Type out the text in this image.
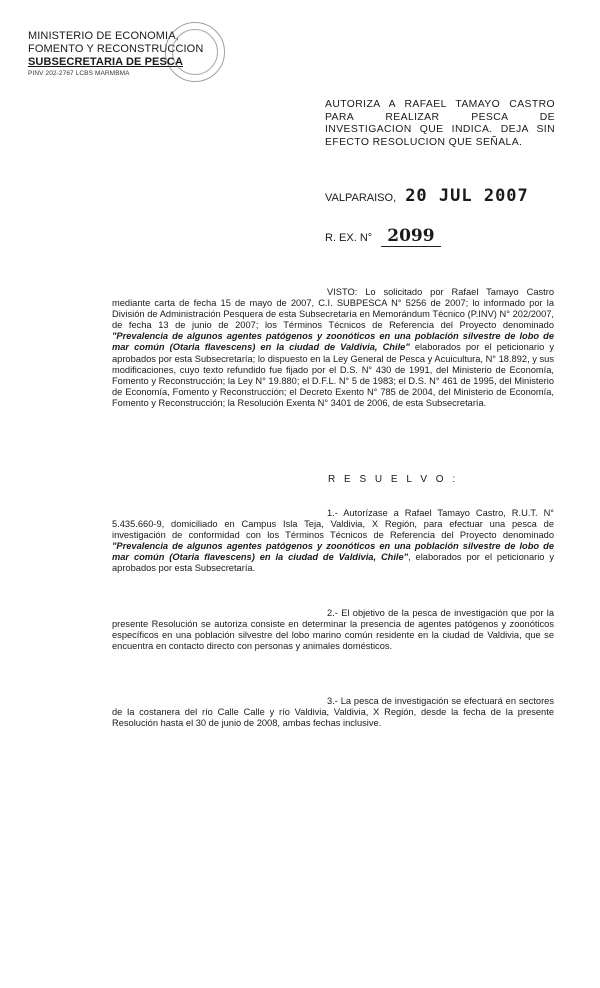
MINISTERIO DE ECONOMIA,
FOMENTO Y RECONSTRUCCION
SUBSECRETARIA DE PESCA
PINV 202-2767 LCBS MARMBMA
AUTORIZA A RAFAEL TAMAYO CASTRO PARA REALIZAR PESCA DE INVESTIGACION QUE INDICA. DEJA SIN EFECTO RESOLUCION QUE SEÑALA.
VALPARAISO, 20 JUL 2007
R. EX. N° 2099
VISTO: Lo solicitado por Rafael Tamayo Castro mediante carta de fecha 15 de mayo de 2007, C.I. SUBPESCA N° 5256 de 2007; lo informado por la División de Administración Pesquera de esta Subsecretaría en Memorándum Técnico (P.INV) N° 202/2007, de fecha 13 de junio de 2007; los Términos Técnicos de Referencia del Proyecto denominado "Prevalencia de algunos agentes patógenos y zoonóticos en una población silvestre de lobo de mar común (Otaria flavescens) en la ciudad de Valdivia, Chile" elaborados por el peticionario y aprobados por esta Subsecretaría; lo dispuesto en la Ley General de Pesca y Acuicultura, N° 18.892, y sus modificaciones, cuyo texto refundido fue fijado por el D.S. N° 430 de 1991, del Ministerio de Economía, Fomento y Reconstrucción; la Ley N° 19.880; el D.F.L. N° 5 de 1983; el D.S. N° 461 de 1995, del Ministerio de Economía, Fomento y Reconstrucción; el Decreto Exento N° 785 de 2004, del Ministerio de Economía, Fomento y Reconstrucción; la Resolución Exenta N° 3401 de 2006, de esta Subsecretaría.
R E S U E L V O :
1.- Autorízase a Rafael Tamayo Castro, R.U.T. N° 5.435.660-9, domiciliado en Campus Isla Teja, Valdivia, X Región, para efectuar una pesca de investigación de conformidad con los Términos Técnicos de Referencia del Proyecto denominado "Prevalencia de algunos agentes patógenos y zoonóticos en una población silvestre de lobo de mar común (Otaria flavescens) en la ciudad de Valdivia, Chile", elaborados por el peticionario y aprobados por esta Subsecretaría.
2.- El objetivo de la pesca de investigación que por la presente Resolución se autoriza consiste en determinar la presencia de agentes patógenos y zoonóticos específicos en una población silvestre del lobo marino común residente en la ciudad de Valdivia, que se encuentra en contacto directo con personas y animales domésticos.
3.- La pesca de investigación se efectuará en sectores de la costanera del río Calle Calle y río Valdivia, Valdivia, X Región, desde la fecha de la presente Resolución hasta el 30 de junio de 2008, ambas fechas inclusive.
